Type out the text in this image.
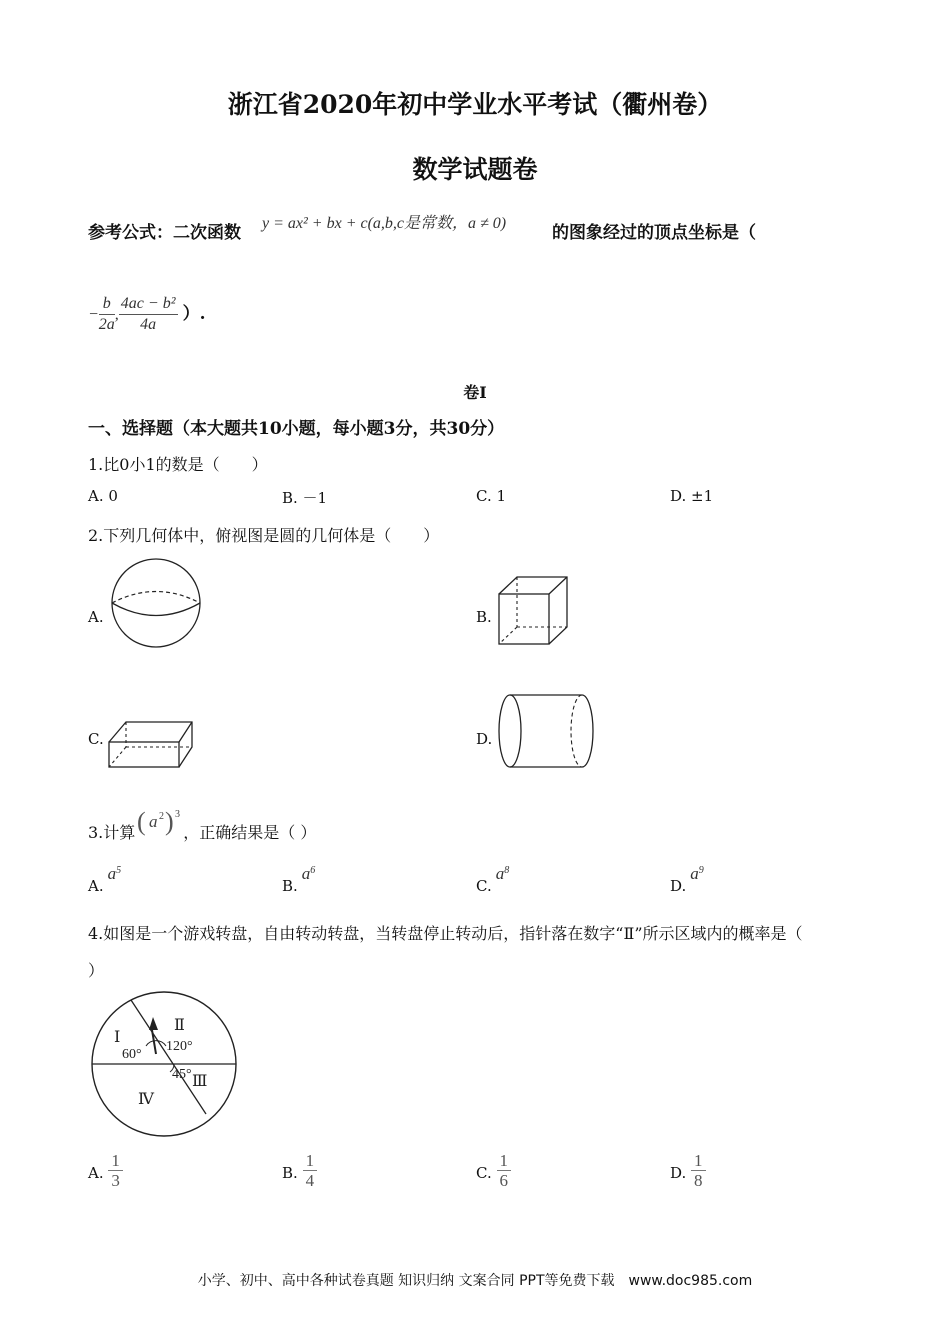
浙江省2020年初中学业水平考试（衢州卷）
数学试题卷
参考公式：二次函数 y = ax² + bx + c(a,b,c是常数，a ≠ 0)	的图象经过的顶点坐标是（
− $\frac{b}{2a}$ , $\frac{\text{4ac − b²}}{4a}$ ）.
卷Ⅰ
一、选择题（本大题共10小题，每小题3分，共30分）
1.比0小1的数是（　　）
A. 0	B. －1	C. 1	D. ±1
2.下列几何体中，俯视图是圆的几何体是（　　）
A.	B.
C.	D.
3.计算 ( a 2 ) 3
，正确结果是（ ）
$A.a^5$
$B.a^6$
$C.a^8$
$D.a^9$
4.如图是一个游戏转盘，自由转动转盘，当转盘停止转动后，指针落在数字“Ⅱ”所示区域内的概率是（
）
Ⅰ
Ⅱ
Ⅲ
Ⅳ
60°
120°
45°
A. $\frac{1}{3}$	B. $\frac{1}{4}$	C. $\frac{1}{6}$	D. $\frac{1}{8}$
小学、初中、高中各种试卷真题 知识归纳 文案合同 PPT等免费下载　www.doc985.com
